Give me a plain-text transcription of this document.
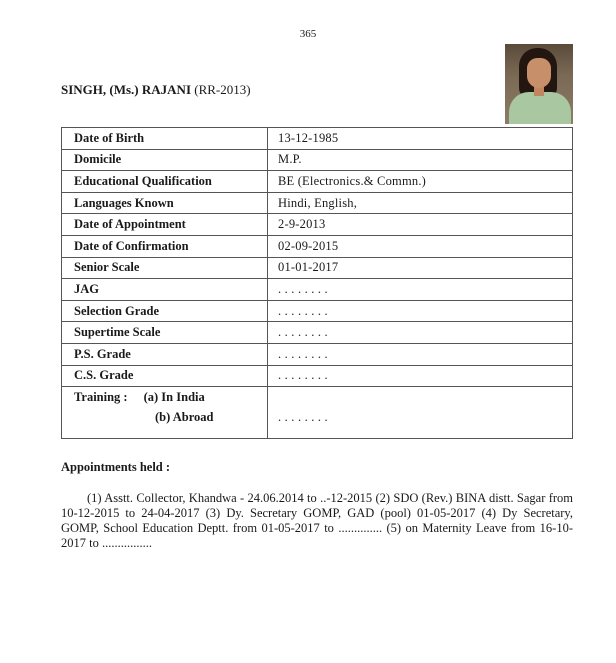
365
SINGH, (Ms.) RAJANI (RR-2013)
Date of Birth	13-12-1985
Domicile	M.P.
Educational Qualification	BE (Electronics.& Commn.)
Languages Known	Hindi, English,
Date of Appointment	2-9-2013
Date of Confirmation	02-09-2015
Senior Scale	01-01-2017
JAG	. . . . . . . .
Selection Grade	. . . . . . . .
Supertime Scale	. . . . . . . .
P.S. Grade	. . . . . . . .
C.S. Grade	. . . . . . . .
Training : (a) In India	
(b) Abroad	. . . . . . . .
Appointments held :
(1) Asstt. Collector, Khandwa - 24.06.2014 to ..-12-2015 (2) SDO (Rev.) BINA distt. Sagar from 10-12-2015 to 24-04-2017 (3) Dy. Secretary GOMP, GAD (pool) 01-05-2017 (4) Dy Secretary, GOMP, School Education Deptt. from 01-05-2017 to .............. (5) on Maternity Leave from 16-10-2017 to ................
